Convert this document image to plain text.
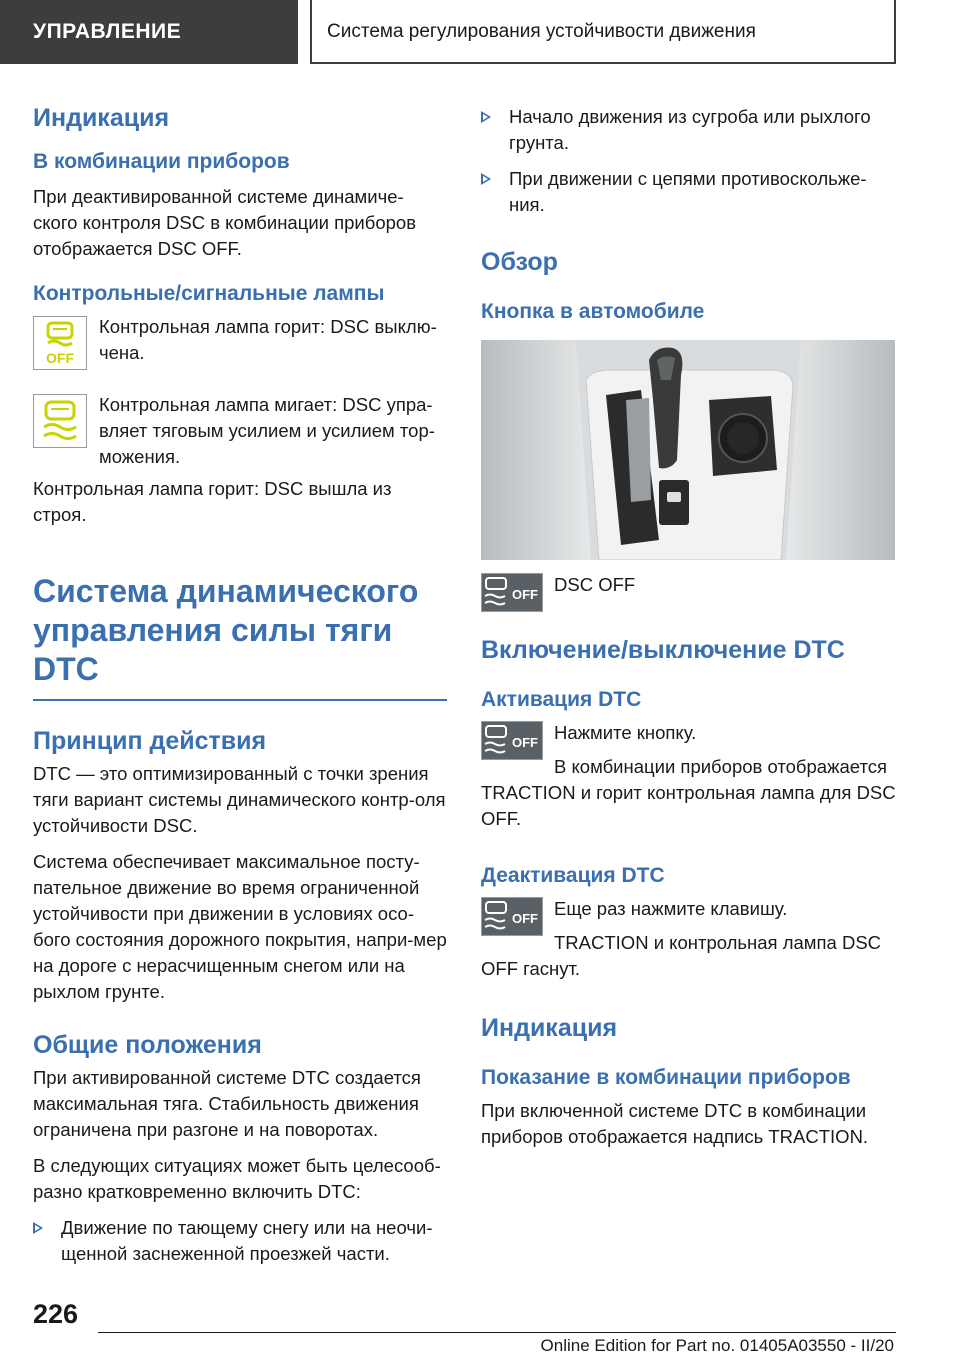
УПРАВЛЕНИЕ	Система регулирования устойчивости движения
Индикация
В комбинации приборов

При деактивированной системе динамиче-ского контроля DSC в комбинации приборов отображается DSC OFF.

Контрольные/сигнальные лампы
OFF

Контрольная лампа горит: DSC выклю-чена.

Контрольная лампа мигает: DSC упра-вляет тяговым усилием и усилием тор-можения.

Контрольная лампа горит: DSC вышла из строя.

Система динамического
управления силы тяги
DTC
Принцип действия

DTC — это оптимизированный с точки зрения тяги вариант системы динамического контр-оля устойчивости DSC.

Система обеспечивает максимальное посту-пательное движение во время ограниченной устойчивости при движении в условиях осо-бого состояния дорожного покрытия, напри-мер на дороге с нерасчищенным снегом или на рыхлом грунте.

Общие положения

При активированной системе DTC создается максимальная тяга. Стабильность движения ограничена при разгоне и на поворотах.

В следующих ситуациях может быть целесооб-разно кратковременно включить DTC:

Движение по тающему снегу или на неочи-щенной заснеженной проезжей части.

Начало движения из сугроба или рыхлого грунта.

При движении с цепями противоскольже-ния.

Обзор
Кнопка в автомобиле
OFF DSC OFF

Включение/выключение DTC
Активация DTC
OFF Нажмите кнопку.

В комбинации приборов отображается TRACTION и горит контрольная лампа для DSC OFF.

Деактивация DTC
OFF Еще раз нажмите клавишу.

TRACTION и контрольная лампа DSC OFF гаснут.

Индикация
Показание в комбинации приборов

При включенной системе DTC в комбинации приборов отображается надпись TRACTION.

226
Online Edition for Part no. 01405A03550 - II/20
